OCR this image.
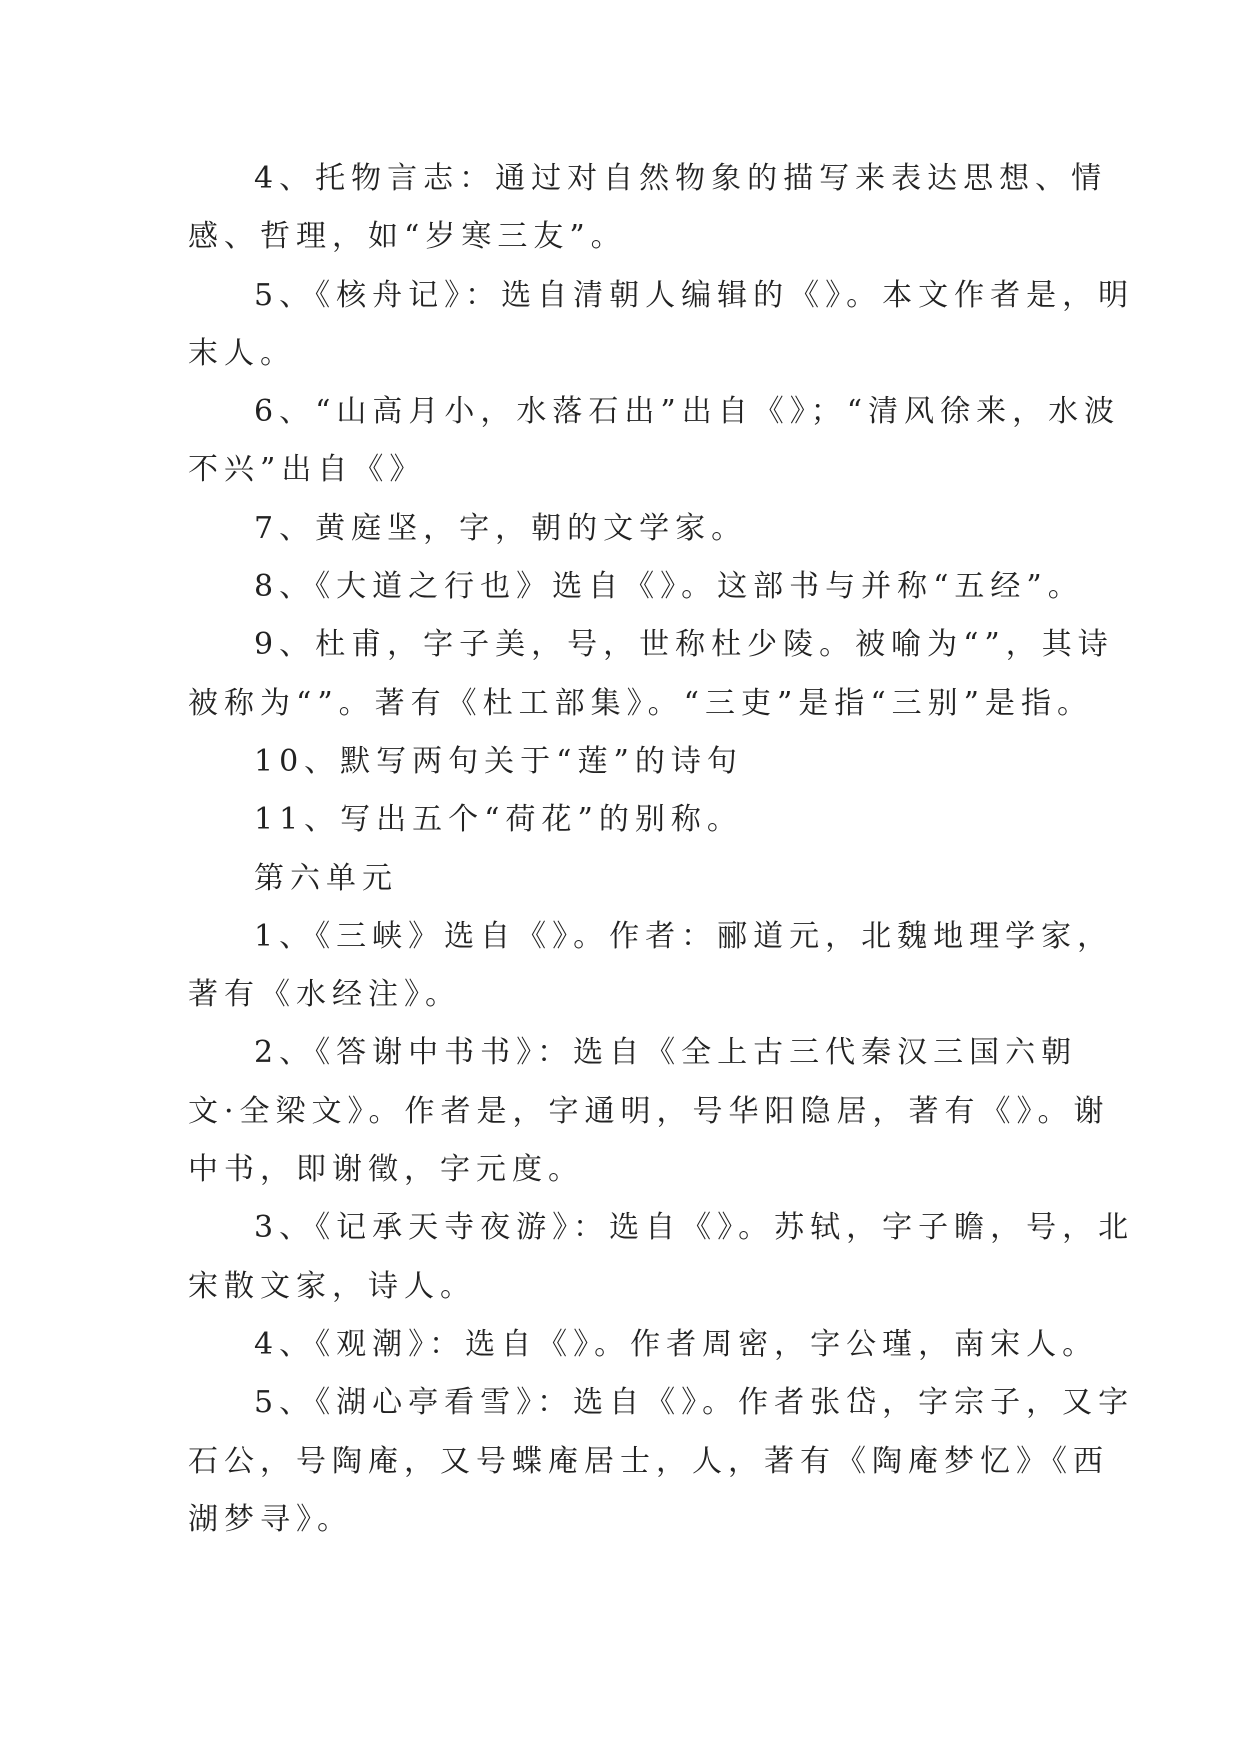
4、托物言志：通过对自然物象的描写来表达思想、情
感、哲理，如“岁寒三友”。

5、《核舟记》：选自清朝人编辑的《》。本文作者是，明
末人。

6、“山高月小，水落石出”出自《》；“清风徐来，水波
不兴”出自《》

7、黄庭坚，字，朝的文学家。

8、《大道之行也》选自《》。这部书与并称“五经”。

9、杜甫，字子美，号，世称杜少陵。被喻为“”，其诗
被称为“”。著有《杜工部集》。“三吏”是指“三别”是指。

10、默写两句关于“莲”的诗句

11、写出五个“荷花”的别称。

第六单元

1、《三峡》选自《》。作者：郦道元，北魏地理学家，
著有《水经注》。

2、《答谢中书书》：选自《全上古三代秦汉三国六朝
文·全梁文》。作者是，字通明，号华阳隐居，著有《》。谢
中书，即谢徵，字元度。

3、《记承天寺夜游》：选自《》。苏轼，字子瞻，号，北
宋散文家，诗人。

4、《观潮》：选自《》。作者周密，字公瑾，南宋人。

5、《湖心亭看雪》：选自《》。作者张岱，字宗子，又字
石公，号陶庵，又号蝶庵居士，人，著有《陶庵梦忆》《西
湖梦寻》。
